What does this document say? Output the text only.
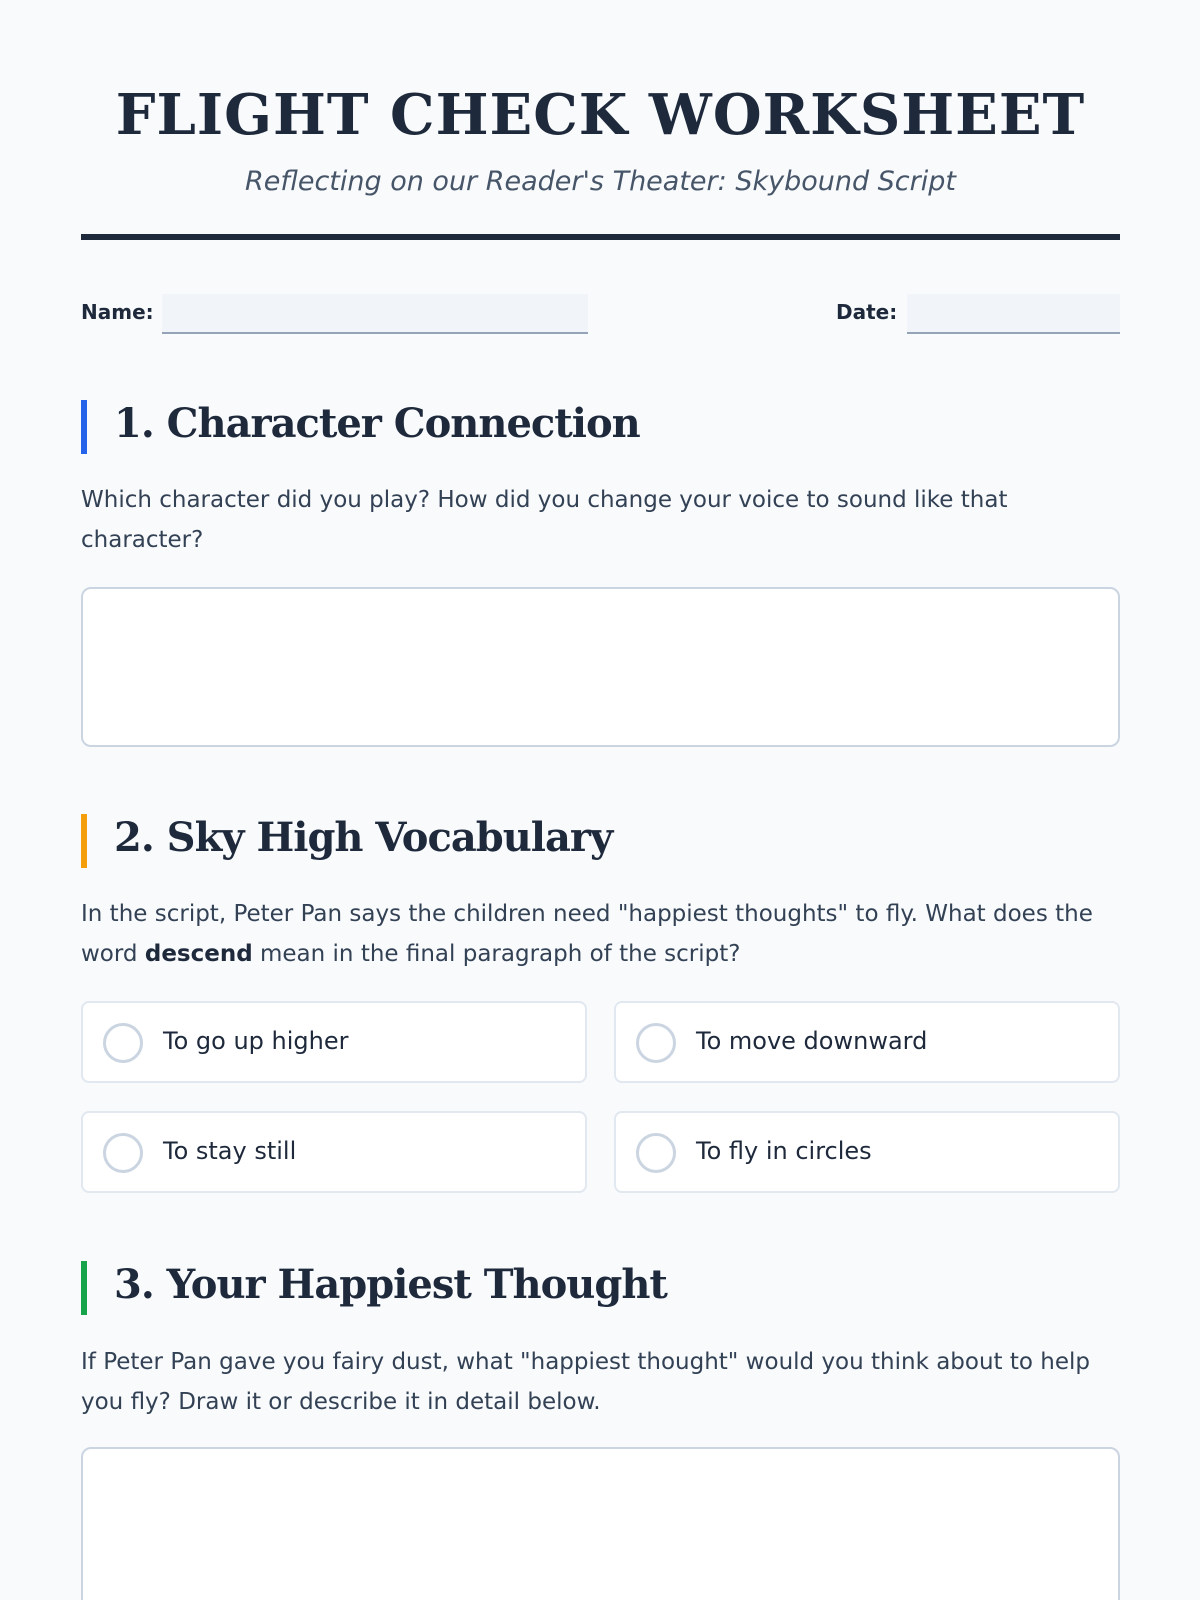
FLIGHT CHECK WORKSHEET
Reflecting on our Reader's Theater: Skybound Script
Name:	Date:
1. Character Connection

Which character did you play? How did you change your voice to sound like that character?

2. Sky High Vocabulary

In the script, Peter Pan says the children need "happiest thoughts" to fly. What does the word descend mean in the final paragraph of the script?

To go up higher	To move downward
To stay still	To fly in circles
3. Your Happiest Thought

If Peter Pan gave you fairy dust, what "happiest thought" would you think about to help you fly? Draw it or describe it in detail below.
